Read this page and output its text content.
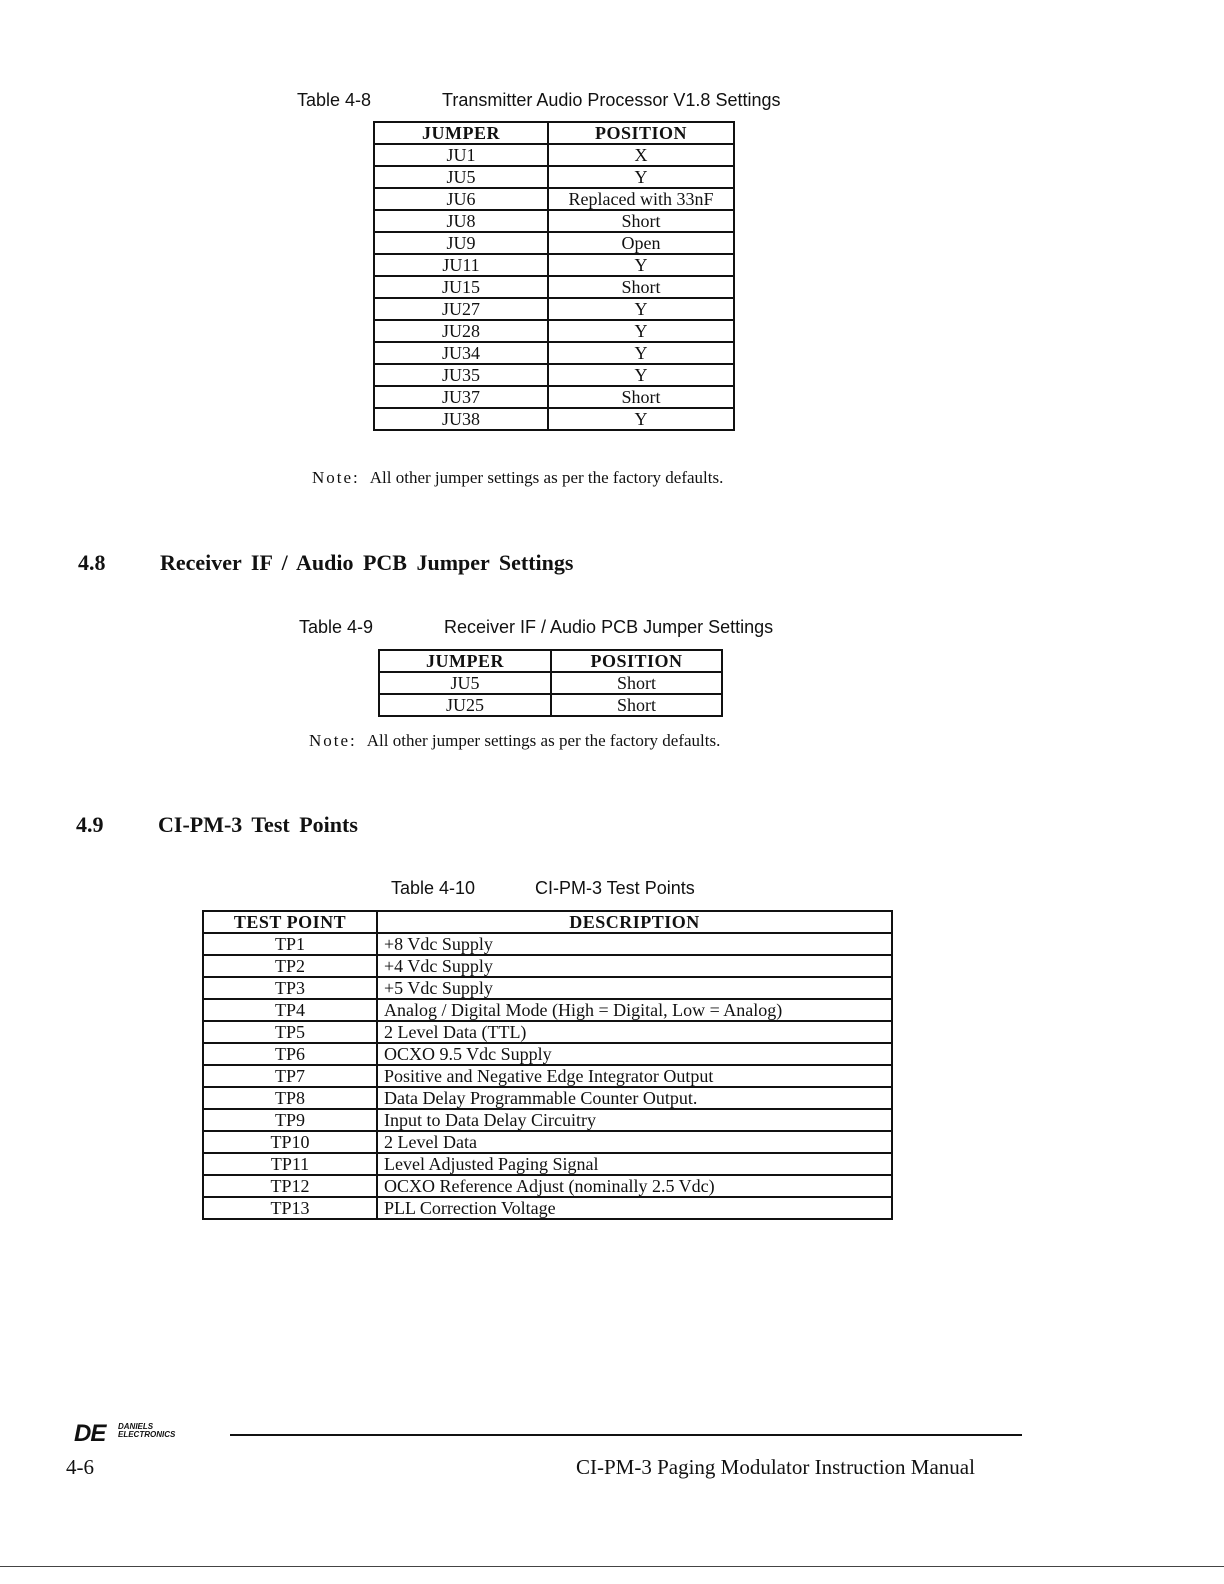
Table 4-8	Transmitter Audio Processor V1.8 Settings
JUMPER	POSITION
JU1	X
JU5	Y
JU6	Replaced with 33nF
JU8	Short
JU9	Open
JU11	Y
JU15	Short
JU27	Y
JU28	Y
JU34	Y
JU35	Y
JU37	Short
JU38	Y
Note: All other jumper settings as per the factory defaults.
4.8 Receiver IF / Audio PCB Jumper Settings
Table 4-9	Receiver IF / Audio PCB Jumper Settings
JUMPER	POSITION
JU5	Short
JU25	Short
Note: All other jumper settings as per the factory defaults.
4.9 CI-PM-3 Test Points
Table 4-10	CI-PM-3 Test Points
TEST POINT	DESCRIPTION
TP1	+8 Vdc Supply
TP2	+4 Vdc Supply
TP3	+5 Vdc Supply
TP4	Analog / Digital Mode (High = Digital, Low = Analog)
TP5	2 Level Data (TTL)
TP6	OCXO 9.5 Vdc Supply
TP7	Positive and Negative Edge Integrator Output
TP8	Data Delay Programmable Counter Output.
TP9	Input to Data Delay Circuitry
TP10	2 Level Data
TP11	Level Adjusted Paging Signal
TP12	OCXO Reference Adjust (nominally 2.5 Vdc)
TP13	PLL Correction Voltage
DE DANIELS
ELECTRONICS
4-6	CI-PM-3 Paging Modulator Instruction Manual
